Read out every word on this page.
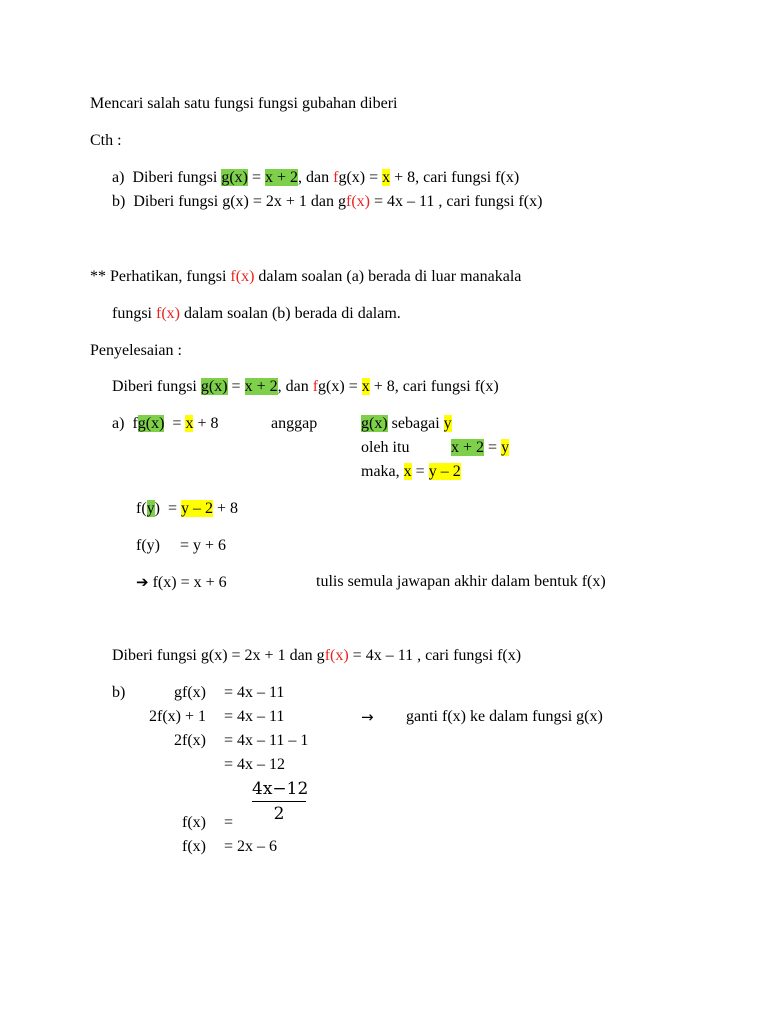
Mencari salah satu fungsi fungsi gubahan diberi
Cth :
a) Diberi fungsi g(x) = x + 2, dan fg(x) = x + 8, cari fungsi f(x)
b) Diberi fungsi g(x) = 2x + 1 dan gf(x) = 4x – 11 , cari fungsi f(x)
** Perhatikan, fungsi f(x) dalam soalan (a) berada di luar manakala
fungsi f(x) dalam soalan (b) berada di dalam.
Penyelesaian :
Diberi fungsi g(x) = x + 2, dan fg(x) = x + 8, cari fungsi f(x)
a) fg(x)  = x + 8	anggap	g(x) sebagai y
oleh itu	x + 2 = y
maka, x = y – 2
f(y)  = y – 2 + 8
f(y) = y + 6
➔ f(x) = x + 6	tulis semula jawapan akhir dalam bentuk f(x)
Diberi fungsi g(x) = 2x + 1 dan gf(x) = 4x – 11 , cari fungsi f(x)
b)	gf(x) = 4x – 11
2f(x) + 1 = 4x – 11	→ ganti f(x) ke dalam fungsi g(x)
2f(x) = 4x – 11 – 1
= 4x – 12
$\frac{4x-12}{2}$
f(x) =
f(x) = 2x – 6
